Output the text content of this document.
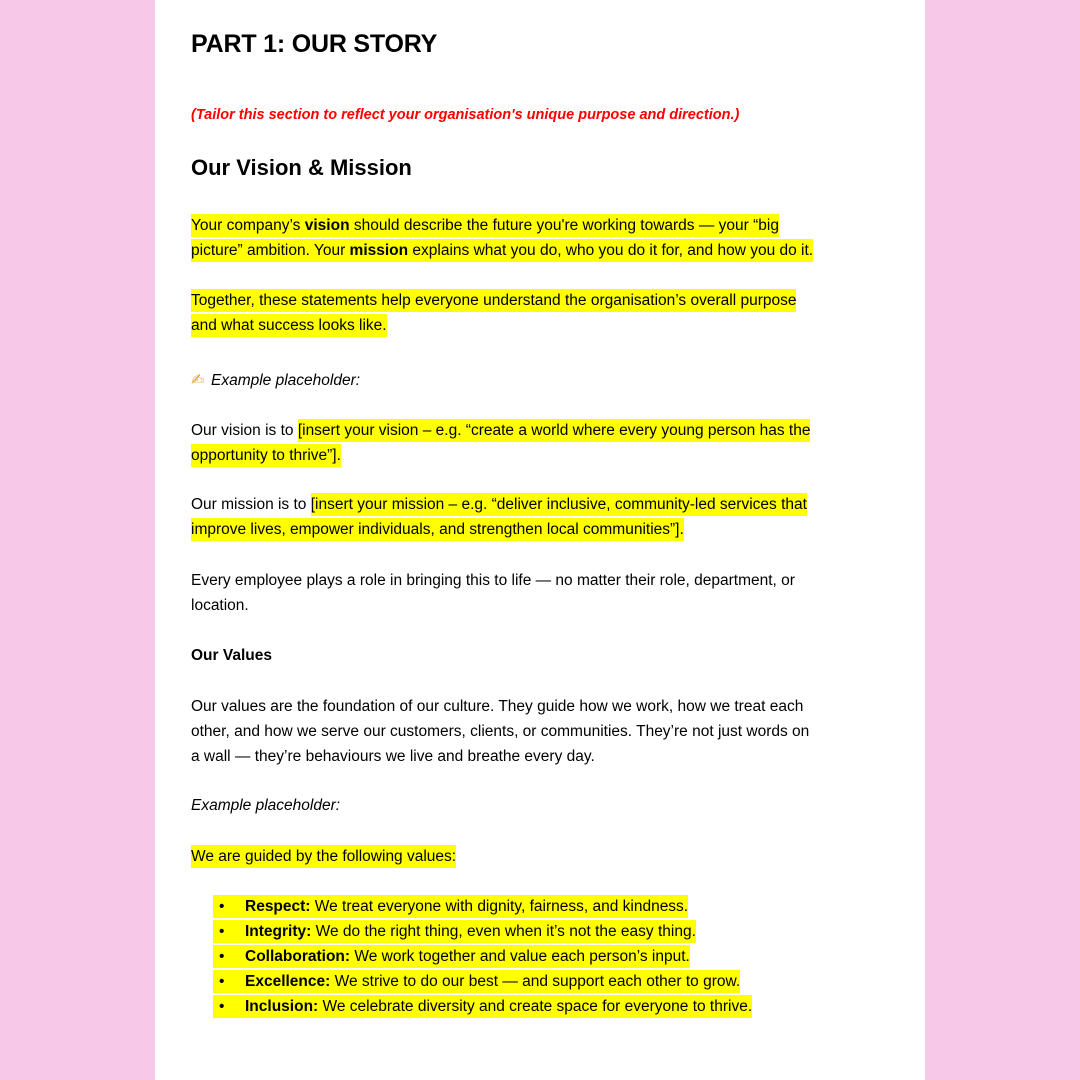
PART 1: OUR STORY
(Tailor this section to reflect your organisation's unique purpose and direction.)
Our Vision & Mission
Your company’s vision should describe the future you're working towards — your “big
picture” ambition. Your mission explains what you do, who you do it for, and how you do it.
Together, these statements help everyone understand the organisation’s overall purpose
and what success looks like.
✍ Example placeholder:
Our vision is to [insert your vision – e.g. “create a world where every young person has the
opportunity to thrive”].
Our mission is to [insert your mission – e.g. “deliver inclusive, community-led services that
improve lives, empower individuals, and strengthen local communities”].
Every employee plays a role in bringing this to life — no matter their role, department, or
location.
Our Values
Our values are the foundation of our culture. They guide how we work, how we treat each
other, and how we serve our customers, clients, or communities. They’re not just words on
a wall — they’re behaviours we live and breathe every day.
Example placeholder:
We are guided by the following values:
• Respect: We treat everyone with dignity, fairness, and kindness.
• Integrity: We do the right thing, even when it’s not the easy thing.
• Collaboration: We work together and value each person’s input.
• Excellence: We strive to do our best — and support each other to grow.
• Inclusion: We celebrate diversity and create space for everyone to thrive.
